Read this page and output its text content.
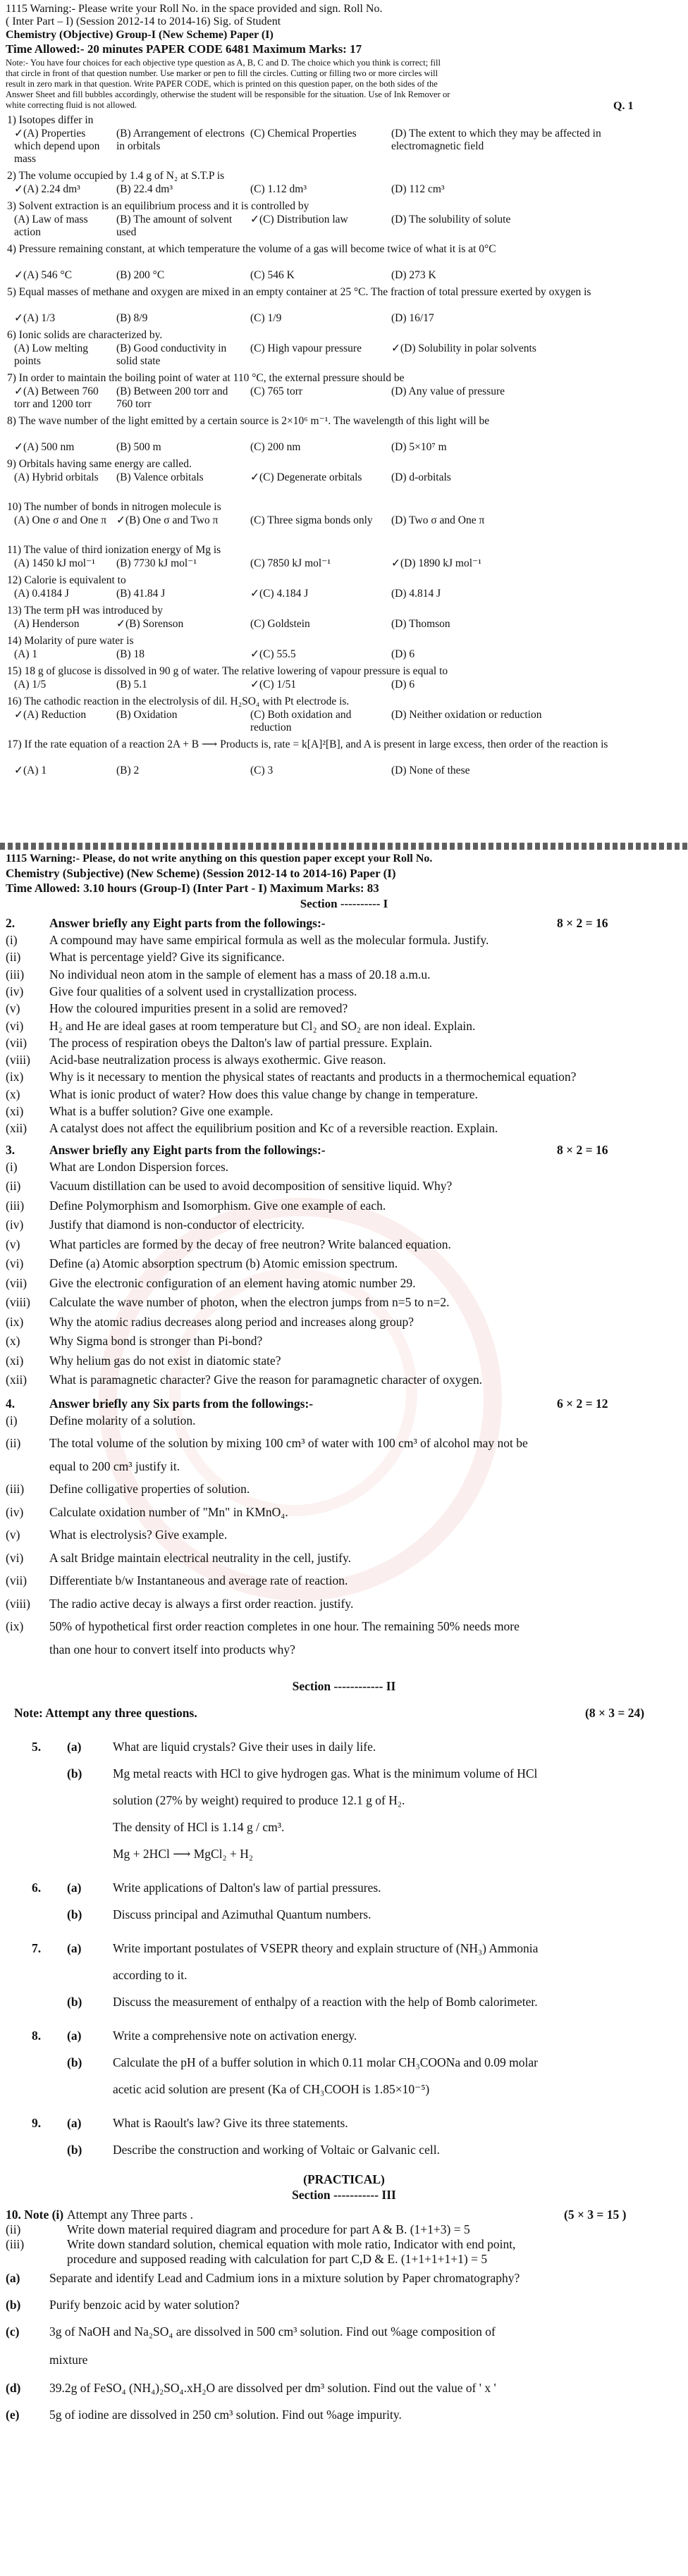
1115 Warning:- Please write your Roll No. in the space provided and sign. Roll No.
( Inter Part – I) (Session 2012-14 to 2014-16) Sig. of Student
Chemistry (Objective) Group-I (New Scheme) Paper (I)
Time Allowed:- 20 minutes PAPER CODE 6481 Maximum Marks: 17
Note:- You have four choices for each objective type question as A, B, C and D. The choice which you think is correct; fill
that circle in front of that question number. Use marker or pen to fill the circles. Cutting or filling two or more circles will
result in zero mark in that question. Write PAPER CODE, which is printed on this question paper, on the both sides of the
Answer Sheet and fill bubbles accordingly, otherwise the student will be responsible for the situation. Use of Ink Remover or
white correcting fluid is not allowed.	Q. 1
1) Isotopes differ in
✓(A) Properties which depend upon mass
(B) Arrangement of electrons in orbitals
(C) Chemical Properties	(D) The extent to which they may be affected in electromagnetic field
2) The volume occupied by 1.4 g of N₂ at S.T.P is
✓(A) 2.24 dm³	(B) 22.4 dm³	(C) 1.12 dm³	(D) 112 cm³
3) Solvent extraction is an equilibrium process and it is controlled by
(A) Law of mass action
(B) The amount of solvent used
✓(C) Distribution law	(D) The solubility of solute
4) Pressure remaining constant, at which temperature the volume of a gas will become twice of what it is at 0°C
✓(A) 546 °C	(B) 200 °C	(C) 546 K	(D) 273 K
5) Equal masses of methane and oxygen are mixed in an empty container at 25 °C. The fraction of total pressure exerted by oxygen is
✓(A) 1/3	(B) 8/9	(C) 1/9	(D) 16/17
6) Ionic solids are characterized by.
(A) Low melting points
(B) Good conductivity in solid state
(C) High vapour pressure	✓(D) Solubility in polar solvents
7) In order to maintain the boiling point of water at 110 °C, the external pressure should be
✓(A) Between 760 torr and 1200 torr
(B) Between 200 torr and 760 torr
(C) 765 torr	(D) Any value of pressure
8) The wave number of the light emitted by a certain source is 2×10⁶ m⁻¹. The wavelength of this light will be
✓(A) 500 nm	(B) 500 m	(C) 200 nm	(D) 5×10⁷ m
9) Orbitals having same energy are called.
(A) Hybrid orbitals	(B) Valence orbitals	✓(C) Degenerate orbitals	(D) d-orbitals
10) The number of bonds in nitrogen molecule is
(A) One σ and One π ✓(B) One σ and Two π	(C) Three sigma bonds only	(D) Two σ and One π
11) The value of third ionization energy of Mg is
(A) 1450 kJ mol⁻¹	(B) 7730 kJ mol⁻¹	(C) 7850 kJ mol⁻¹	✓(D) 1890 kJ mol⁻¹
12) Calorie is equivalent to
(A) 0.4184 J	(B) 41.84 J	✓(C) 4.184 J	(D) 4.814 J
13) The term pH was introduced by
(A) Henderson	✓(B) Sorenson	(C) Goldstein	(D) Thomson
14) Molarity of pure water is
(A) 1	(B) 18	✓(C) 55.5	(D) 6
15) 18 g of glucose is dissolved in 90 g of water. The relative lowering of vapour pressure is equal to
(A) 1/5	(B) 5.1	✓(C) 1/51	(D) 6
16) The cathodic reaction in the electrolysis of dil. H₂SO₄ with Pt electrode is.
✓(A) Reduction	(B) Oxidation	(C) Both oxidation and reduction
(D) Neither oxidation or reduction
17) If the rate equation of a reaction 2A + B ⟶ Products is, rate = k[A]²[B], and A is present in large excess, then order of the reaction is
✓(A) 1	(B) 2	(C) 3	(D) None of these
1115 Warning:- Please, do not write anything on this question paper except your Roll No.
Chemistry (Subjective) (New Scheme) (Session 2012-14 to 2014-16) Paper (I)
Time Allowed: 3.10 hours (Group-I) (Inter Part - I) Maximum Marks: 83
Section ---------- I
2.	Answer briefly any Eight parts from the followings:-	8 × 2 = 16
(i)	A compound may have same empirical formula as well as the molecular formula. Justify.
(ii) What is percentage yield? Give its significance.
(iii) No individual neon atom in the sample of element has a mass of 20.18 a.m.u.
(iv) Give four qualities of a solvent used in crystallization process.
(v) How the coloured impurities present in a solid are removed?
(vi) H₂ and He are ideal gases at room temperature but Cl₂ and SO₂ are non ideal. Explain.
(vii) The process of respiration obeys the Dalton's law of partial pressure. Explain.
(viii) Acid-base neutralization process is always exothermic. Give reason.
(ix) Why is it necessary to mention the physical states of reactants and products in a thermochemical equation?
(x) What is ionic product of water? How does this value change by change in temperature.
(xi) What is a buffer solution? Give one example.
(xii) A catalyst does not affect the equilibrium position and Kc of a reversible reaction. Explain.
3.	Answer briefly any Eight parts from the followings:-	8 × 2 = 16
(i)	What are London Dispersion forces.
(ii) Vacuum distillation can be used to avoid decomposition of sensitive liquid. Why?
(iii) Define Polymorphism and Isomorphism. Give one example of each.
(iv) Justify that diamond is non-conductor of electricity.
(v) What particles are formed by the decay of free neutron? Write balanced equation.
(vi) Define (a) Atomic absorption spectrum (b) Atomic emission spectrum.
(vii) Give the electronic configuration of an element having atomic number 29.
(viii) Calculate the wave number of photon, when the electron jumps from n=5 to n=2.
(ix) Why the atomic radius decreases along period and increases along group?
(x) Why Sigma bond is stronger than Pi-bond?
(xi) Why helium gas do not exist in diatomic state?
(xii) What is paramagnetic character? Give the reason for paramagnetic character of oxygen.
4.	Answer briefly any Six parts from the followings:-	6 × 2 = 12
(i)	Define molarity of a solution.
(ii) The total volume of the solution by mixing 100 cm³ of water with 100 cm³ of alcohol may not be
equal to 200 cm³ justify it.
(iii) Define colligative properties of solution.
(iv) Calculate oxidation number of "Mn" in KMnO₄.
(v) What is electrolysis? Give example.
(vi) A salt Bridge maintain electrical neutrality in the cell, justify.
(vii) Differentiate b/w Instantaneous and average rate of reaction.
(viii) The radio active decay is always a first order reaction. justify.
(ix) 50% of hypothetical first order reaction completes in one hour. The remaining 50% needs more
than one hour to convert itself into products why?
Section ------------ II
Note: Attempt any three questions.	(8 × 3 = 24)
5. (a)	What are liquid crystals? Give their uses in daily life.
(b) Mg metal reacts with HCl to give hydrogen gas. What is the minimum volume of HCl
solution (27% by weight) required to produce 12.1 g of H₂.
The density of HCl is 1.14 g / cm³.
Mg + 2HCl ⟶ MgCl₂ + H₂
6. (a)	Write applications of Dalton's law of partial pressures.
(b) Discuss principal and Azimuthal Quantum numbers.
7. (a)	Write important postulates of VSEPR theory and explain structure of (NH₃) Ammonia
according to it.
(b) Discuss the measurement of enthalpy of a reaction with the help of Bomb calorimeter.
8. (a)	Write a comprehensive note on activation energy.
(b) Calculate the pH of a buffer solution in which 0.11 molar CH₃COONa and 0.09 molar
acetic acid solution are present (Ka of CH₃COOH is 1.85×10⁻⁵)
9. (a)	What is Raoult's law? Give its three statements.
(b) Describe the construction and working of Voltaic or Galvanic cell.
(PRACTICAL)
Section ----------- III
10. Note (i) Attempt any Three parts .	(5 × 3 = 15 )
(ii)	Write down material required diagram and procedure for part A & B. (1+1+3) = 5
(iii)	Write down standard solution, chemical equation with mole ratio, Indicator with end point,
procedure and supposed reading with calculation for part C,D & E. (1+1+1+1+1) = 5
(a) Separate and identify Lead and Cadmium ions in a mixture solution by Paper chromatography?
(b) Purify benzoic acid by water solution?
(c) 3g of NaOH and Na₂SO₄ are dissolved in 500 cm³ solution. Find out %age composition of
mixture
(d) 39.2g of FeSO₄ (NH₄)₂SO₄.xH₂O are dissolved per dm³ solution. Find out the value of ' x '
(e) 5g of iodine are dissolved in 250 cm³ solution. Find out %age impurity.
